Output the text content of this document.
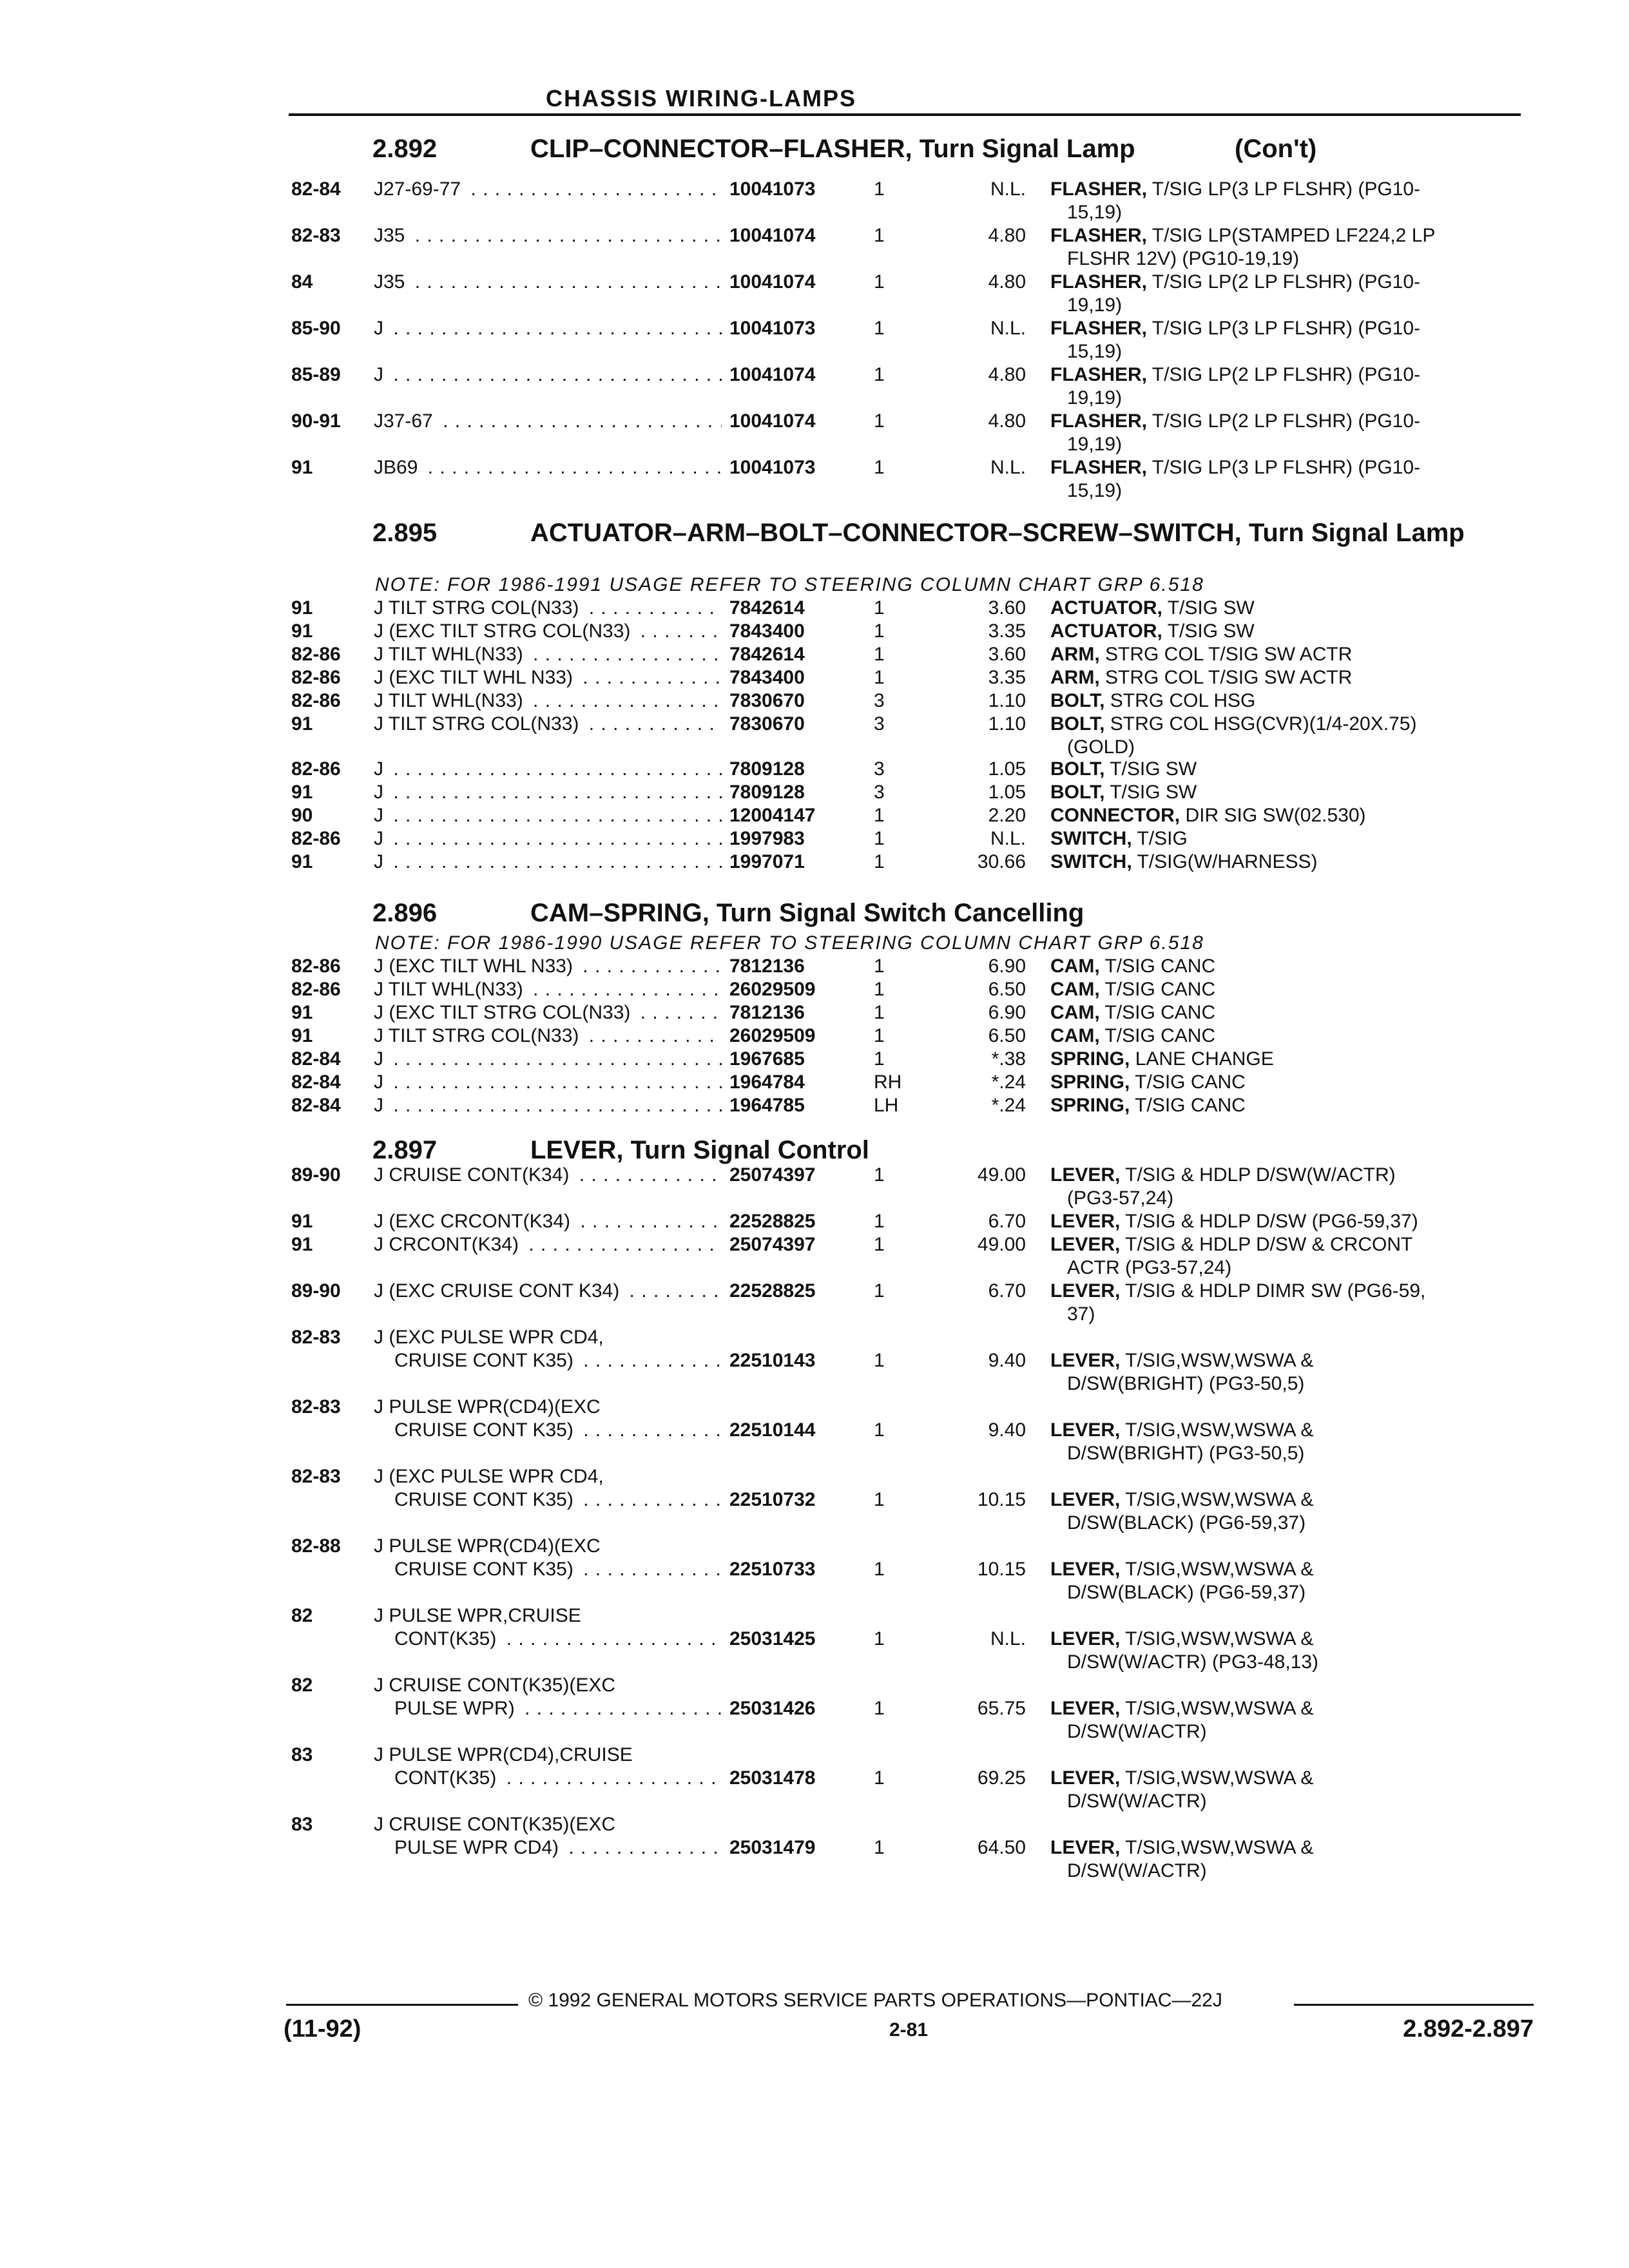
CHASSIS WIRING-LAMPS
2.892	CLIP–CONNECTOR–FLASHER, Turn Signal Lamp	(Con't)
2.895	ACTUATOR–ARM–BOLT–CONNECTOR–SCREW–SWITCH, Turn Signal Lamp
NOTE: FOR 1986-1991 USAGE REFER TO STEERING COLUMN CHART GRP 6.518
2.896	CAM–SPRING, Turn Signal Switch Cancelling
NOTE: FOR 1986-1990 USAGE REFER TO STEERING COLUMN CHART GRP 6.518
2.897	LEVER, Turn Signal Control
82-84 J27-69-77 . . .	10041073	1	N.L. FLASHER, T/SIG LP(3 LP FLSHR) (PG10-
15,19)
82-83 J35 . . .	10041074	1	4.80 FLASHER, T/SIG LP(STAMPED LF224,2 LP
FLSHR 12V) (PG10-19,19)
84	J35 . . .	10041074	1	4.80 FLASHER, T/SIG LP(2 LP FLSHR) (PG10-
19,19)
85-90 J . . .	10041073	1	N.L. FLASHER, T/SIG LP(3 LP FLSHR) (PG10-
15,19)
85-89 J . . .	10041074	1	4.80 FLASHER, T/SIG LP(2 LP FLSHR) (PG10-
19,19)
90-91 J37-67 . . .	10041074	1	4.80 FLASHER, T/SIG LP(2 LP FLSHR) (PG10-
19,19)
91	JB69 . . .	10041073	1	N.L. FLASHER, T/SIG LP(3 LP FLSHR) (PG10-
15,19)
91	J TILT STRG COL(N33) . . .	7842614	1	3.60 ACTUATOR, T/SIG SW
91	J (EXC TILT STRG COL(N33) . . .	7843400	1	3.35 ACTUATOR, T/SIG SW
82-86 J TILT WHL(N33) . . .	7842614	1	3.60 ARM, STRG COL T/SIG SW ACTR
82-86 J (EXC TILT WHL N33) . . .	7843400	1	3.35 ARM, STRG COL T/SIG SW ACTR
82-86 J TILT WHL(N33) . . .	7830670	3	1.10 BOLT, STRG COL HSG
91	J TILT STRG COL(N33) . . .	7830670	3	1.10 BOLT, STRG COL HSG(CVR)(1/4-20X.75)
(GOLD)
82-86 J . . .	7809128	3	1.05 BOLT, T/SIG SW
91	J . . .	7809128	3	1.05 BOLT, T/SIG SW
90	J . . .	12004147	1	2.20 CONNECTOR, DIR SIG SW(02.530)
82-86 J . . .	1997983	1	N.L. SWITCH, T/SIG
91	J . . .	1997071	1	30.66 SWITCH, T/SIG(W/HARNESS)
82-86 J (EXC TILT WHL N33) . . .	7812136	1	6.90 CAM, T/SIG CANC
82-86 J TILT WHL(N33) . . .	26029509	1	6.50 CAM, T/SIG CANC
91	J (EXC TILT STRG COL(N33) . . .	7812136	1	6.90 CAM, T/SIG CANC
91	J TILT STRG COL(N33) . . .	26029509	1	6.50 CAM, T/SIG CANC
82-84 J . . .	1967685	1	*.38 SPRING, LANE CHANGE
82-84 J . . .	1964784	RH	*.24 SPRING, T/SIG CANC
82-84 J . . .	1964785	LH	*.24 SPRING, T/SIG CANC
89-90 J CRUISE CONT(K34) . . .	25074397	1	49.00 LEVER, T/SIG & HDLP D/SW(W/ACTR)
(PG3-57,24)
91	J (EXC CRCONT(K34) . . .	22528825	1	6.70 LEVER, T/SIG & HDLP D/SW (PG6-59,37)
91	J CRCONT(K34) . . .	25074397	1	49.00 LEVER, T/SIG & HDLP D/SW & CRCONT
ACTR (PG3-57,24)
89-90 J (EXC CRUISE CONT K34) . . .	22528825	1	6.70 LEVER, T/SIG & HDLP DIMR SW (PG6-59,
37)
82-83 J (EXC PULSE WPR CD4,
CRUISE CONT K35) . . .	22510143	1	9.40 LEVER, T/SIG,WSW,WSWA &
D/SW(BRIGHT) (PG3-50,5)
82-83 J PULSE WPR(CD4)(EXC
CRUISE CONT K35) . . .	22510144	1	9.40 LEVER, T/SIG,WSW,WSWA &
D/SW(BRIGHT) (PG3-50,5)
82-83 J (EXC PULSE WPR CD4,
CRUISE CONT K35) . . .	22510732	1	10.15 LEVER, T/SIG,WSW,WSWA &
D/SW(BLACK) (PG6-59,37)
82-88 J PULSE WPR(CD4)(EXC
CRUISE CONT K35) . . .	22510733	1	10.15 LEVER, T/SIG,WSW,WSWA &
D/SW(BLACK) (PG6-59,37)
82	J PULSE WPR,CRUISE
CONT(K35) . . .	25031425	1	N.L. LEVER, T/SIG,WSW,WSWA &
D/SW(W/ACTR) (PG3-48,13)
82	J CRUISE CONT(K35)(EXC
PULSE WPR) . . .	25031426	1	65.75 LEVER, T/SIG,WSW,WSWA &
D/SW(W/ACTR)
83	J PULSE WPR(CD4),CRUISE
CONT(K35) . . .	25031478	1	69.25 LEVER, T/SIG,WSW,WSWA &
D/SW(W/ACTR)
83	J CRUISE CONT(K35)(EXC
PULSE WPR CD4) . . .	25031479	1	64.50 LEVER, T/SIG,WSW,WSWA &
D/SW(W/ACTR)
© 1992 GENERAL MOTORS SERVICE PARTS OPERATIONS—PONTIAC—22J
(11-92)	2-81	2.892-2.897
